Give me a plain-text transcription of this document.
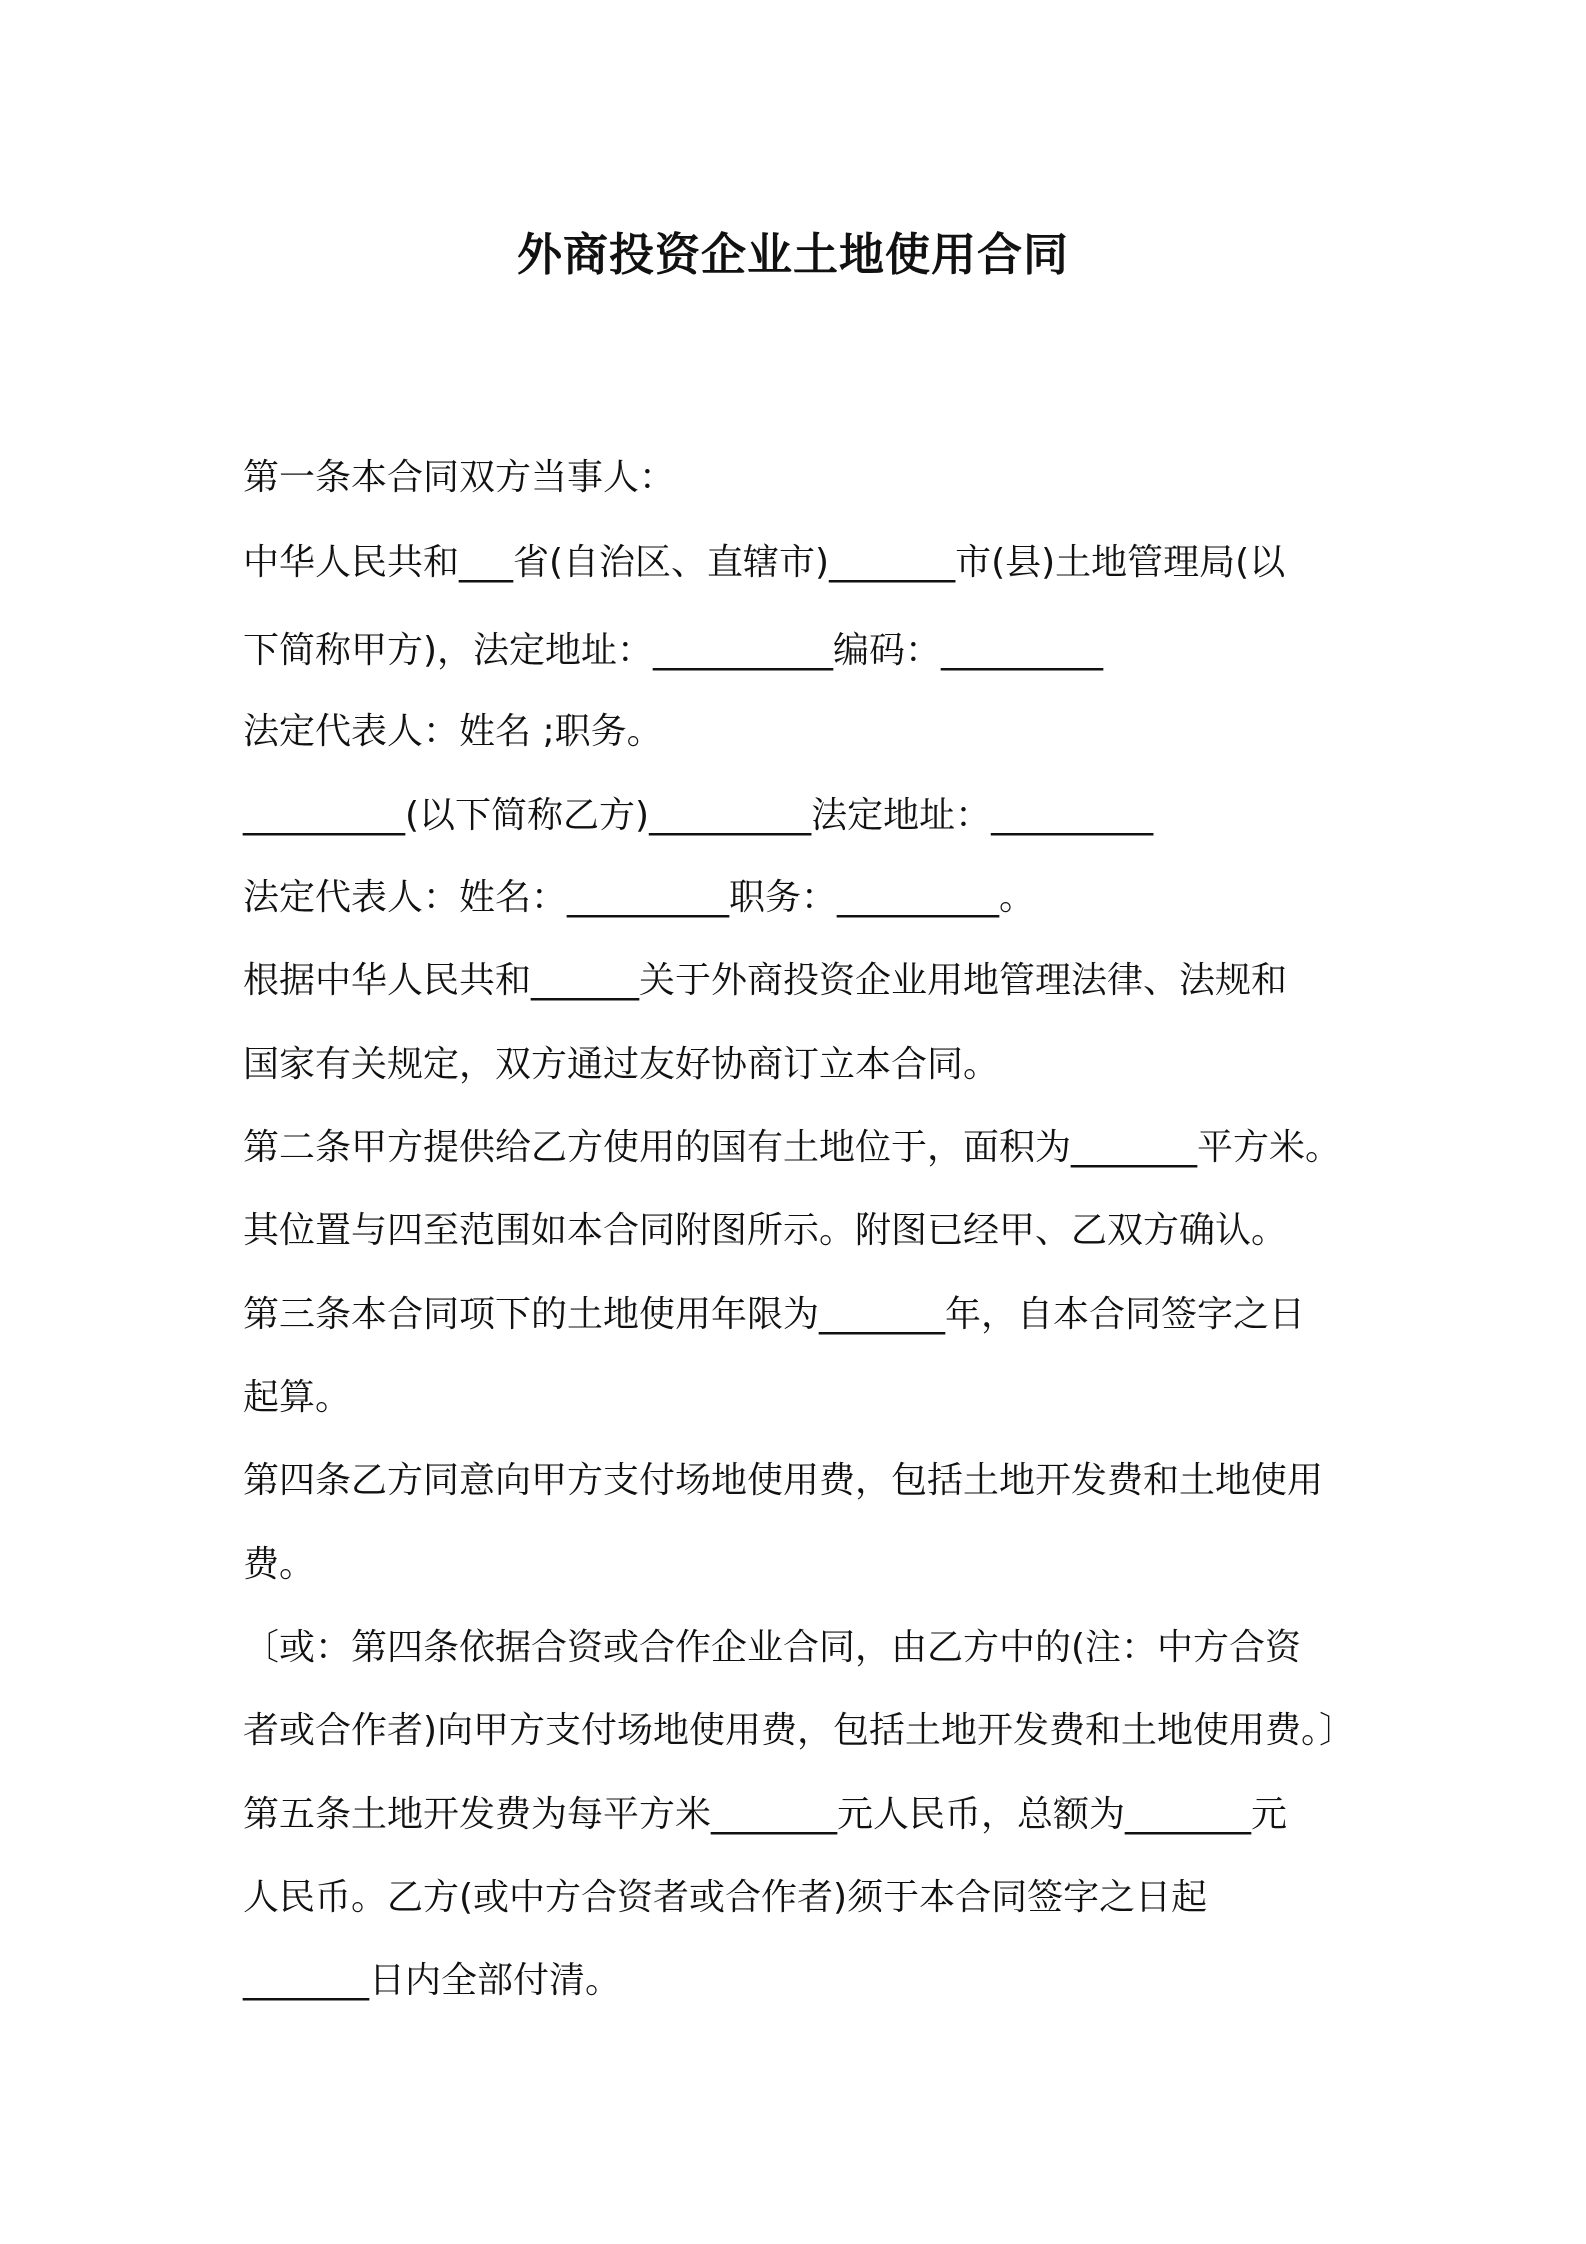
外商投资企业土地使用合同
第一条本合同双方当事人：
中华人民共和___省(自治区、直辖市)_______市(县)土地管理局(以
下简称甲方)，法定地址：__________编码：_________
法定代表人：姓名 ;职务。
_________(以下简称乙方)_________法定地址：_________
法定代表人：姓名：_________职务：_________。
根据中华人民共和______关于外商投资企业用地管理法律、法规和
国家有关规定，双方通过友好协商订立本合同。
第二条甲方提供给乙方使用的国有土地位于，面积为_______平方米。
其位置与四至范围如本合同附图所示。附图已经甲、乙双方确认。
第三条本合同项下的土地使用年限为_______年，自本合同签字之日
起算。
第四条乙方同意向甲方支付场地使用费，包括土地开发费和土地使用
费。
〔或：第四条依据合资或合作企业合同，由乙方中的(注：中方合资
者或合作者)向甲方支付场地使用费，包括土地开发费和土地使用费。〕
第五条土地开发费为每平方米_______元人民币，总额为_______元
人民币。乙方(或中方合资者或合作者)须于本合同签字之日起
_______日内全部付清。
